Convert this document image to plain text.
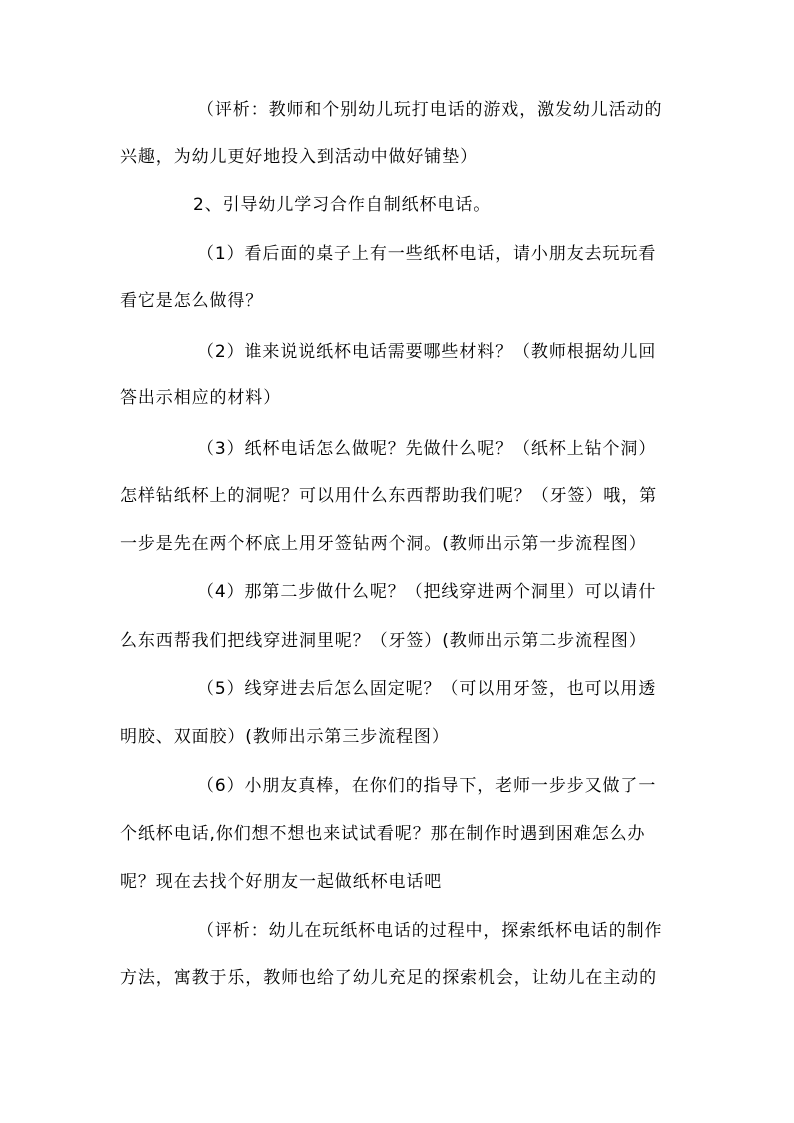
（评析：教师和个别幼儿玩打电话的游戏，激发幼儿活动的
兴趣，为幼儿更好地投入到活动中做好铺垫）
2、引导幼儿学习合作自制纸杯电话。
（1）看后面的桌子上有一些纸杯电话，请小朋友去玩玩看
看它是怎么做得？
（2）谁来说说纸杯电话需要哪些材料？（教师根据幼儿回
答出示相应的材料）
（3）纸杯电话怎么做呢？先做什么呢？（纸杯上钻个洞）
怎样钻纸杯上的洞呢？可以用什么东西帮助我们呢？（牙签）哦，第
一步是先在两个杯底上用牙签钻两个洞。(教师出示第一步流程图）
（4）那第二步做什么呢？（把线穿进两个洞里）可以请什
么东西帮我们把线穿进洞里呢？（牙签）(教师出示第二步流程图）
（5）线穿进去后怎么固定呢？（可以用牙签，也可以用透
明胶、双面胶）(教师出示第三步流程图）
（6）小朋友真棒，在你们的指导下，老师一步步又做了一
个纸杯电话,你们想不想也来试试看呢？那在制作时遇到困难怎么办
呢？现在去找个好朋友一起做纸杯电话吧
（评析：幼儿在玩纸杯电话的过程中，探索纸杯电话的制作
方法，寓教于乐，教师也给了幼儿充足的探索机会，让幼儿在主动的
